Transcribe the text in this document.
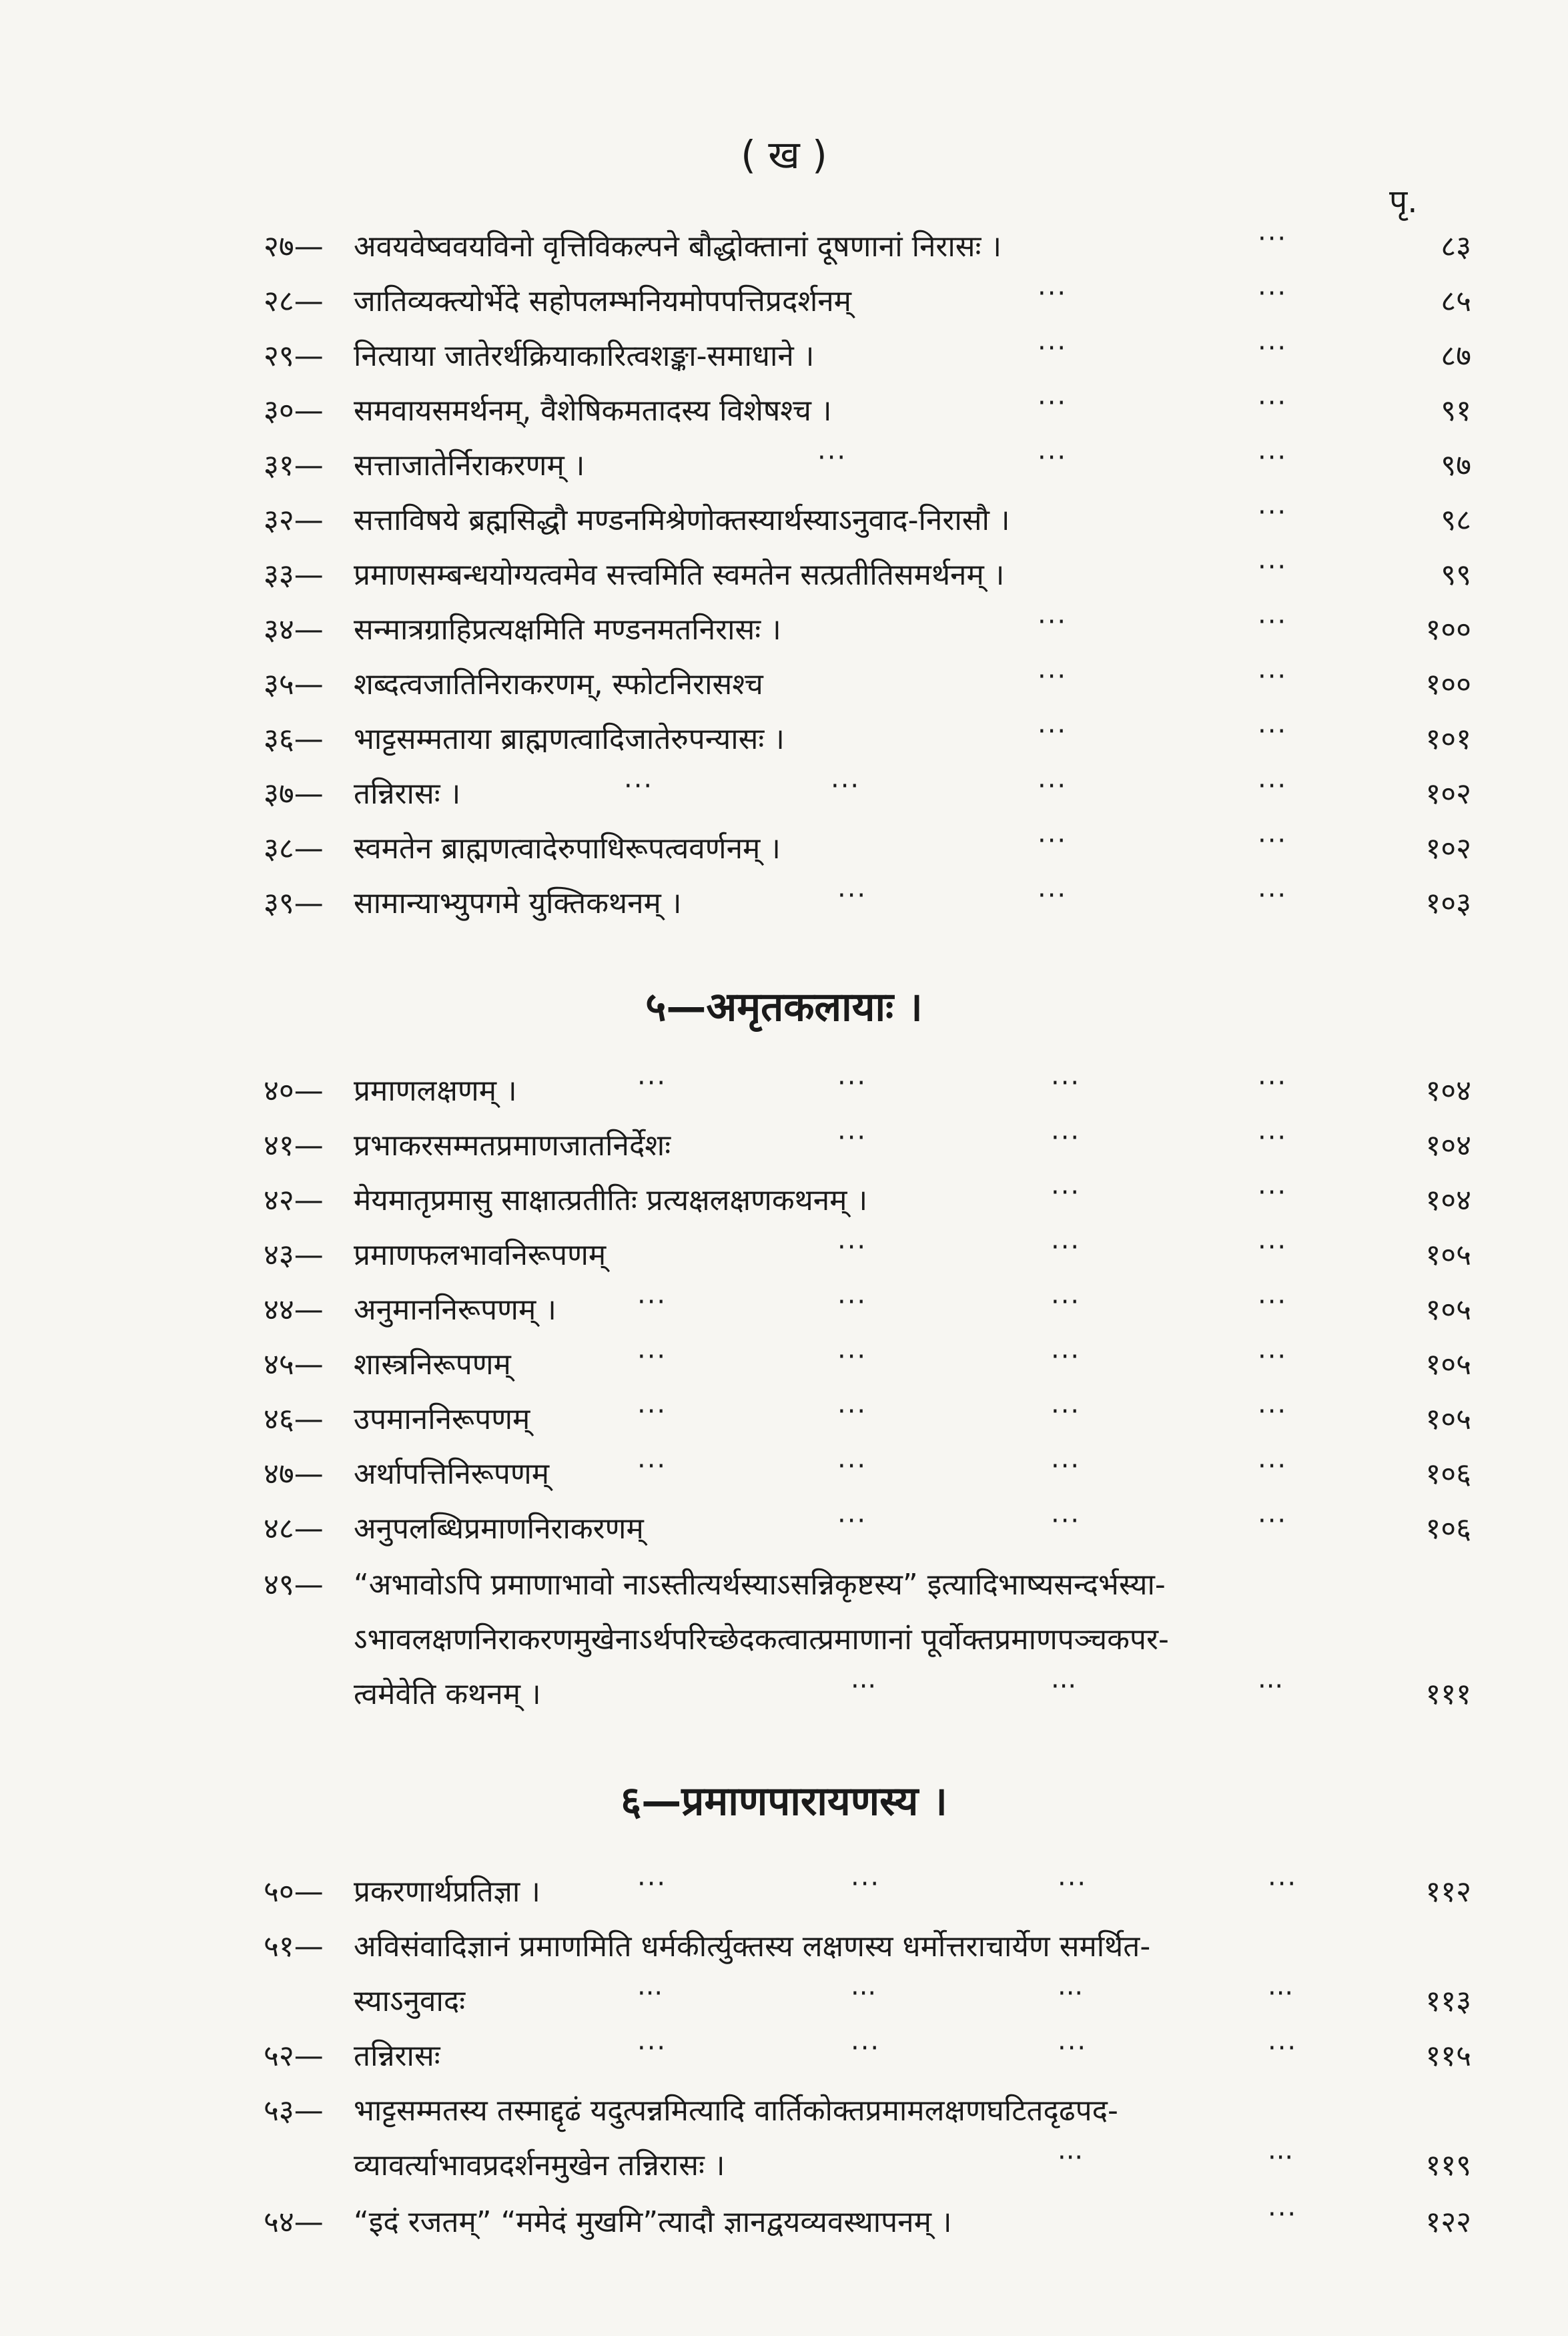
( ख )
पृ.
२७— अवयवेष्ववयविनो वृत्तिविकल्पने बौद्धोक्तानां दूषणानां निरासः ।	···	८३
२८— जातिव्यक्त्योर्भेदे सहोपलम्भनियमोपपत्तिप्रदर्शनम्	···	···	८५
२९— नित्याया जातेरर्थक्रियाकारित्वशङ्का-समाधाने ।	···	···	८७
३०— समवायसमर्थनम्, वैशेषिकमतादस्य विशेषश्च ।	···	···	९१
३१— सत्ताजातेर्निराकरणम् ।	···	···	···	९७
३२— सत्ताविषये ब्रह्मसिद्धौ मण्डनमिश्रेणोक्तस्यार्थस्याऽनुवाद-निरासौ ।	···	९८
३३— प्रमाणसम्बन्धयोग्यत्वमेव सत्त्वमिति स्वमतेन सत्प्रतीतिसमर्थनम् ।	···	९९
३४— सन्मात्रग्राहिप्रत्यक्षमिति मण्डनमतनिरासः ।	···	···	१००
३५— शब्दत्वजातिनिराकरणम्, स्फोटनिरासश्च	···	···	१००
३६— भाट्टसम्मताया ब्राह्मणत्वादिजातेरुपन्यासः ।	···	···	१०१
३७— तन्निरासः ।	···	···	···	···	१०२
३८— स्वमतेन ब्राह्मणत्वादेरुपाधिरूपत्ववर्णनम् ।	···	···	१०२
३९— सामान्याभ्युपगमे युक्तिकथनम् ।	···	···	···	१०३
५—अमृतकलायाः ।
४०— प्रमाणलक्षणम् ।	···	···	···	···	१०४
४१— प्रभाकरसम्मतप्रमाणजातनिर्देशः	···	···	···	१०४
४२— मेयमातृप्रमासु साक्षात्प्रतीतिः प्रत्यक्षलक्षणकथनम् ।	···	···	१०४
४३— प्रमाणफलभावनिरूपणम्	···	···	···	१०५
४४— अनुमाननिरूपणम् ।	···	···	···	···	१०५
४५— शास्त्रनिरूपणम्	···	···	···	···	१०५
४६— उपमाननिरूपणम्	···	···	···	···	१०५
४७— अर्थापत्तिनिरूपणम्	···	···	···	···	१०६
४८— अनुपलब्धिप्रमाणनिराकरणम्	···	···	···	१०६
४९— “अभावोऽपि प्रमाणाभावो नाऽस्तीत्यर्थस्याऽसन्निकृष्टस्य” इत्यादिभाष्यसन्दर्भस्या-
ऽभावलक्षणनिराकरणमुखेनाऽर्थपरिच्छेदकत्वात्प्रमाणानां पूर्वोक्तप्रमाणपञ्चकपर-
त्वमेवेति कथनम् ।	···	···	···	१११
६—प्रमाणपारायणस्य ।
५०— प्रकरणार्थप्रतिज्ञा ।	···	···	···	···	११२
५१— अविसंवादिज्ञानं प्रमाणमिति धर्मकीर्त्युक्तस्य लक्षणस्य धर्मोत्तराचार्येण समर्थित-
स्याऽनुवादः	···	···	···	···	११३
५२— तन्निरासः	···	···	···	···	११५
५३— भाट्टसम्मतस्य तस्माद्दृढं यदुत्पन्नमित्यादि वार्तिकोक्तप्रमामलक्षणघटितदृढपद-
व्यावर्त्याभावप्रदर्शनमुखेन तन्निरासः ।	···	···	११९
५४— “इदं रजतम्” “ममेदं मुखमि”त्यादौ ज्ञानद्वयव्यवस्थापनम् ।	···	१२२
